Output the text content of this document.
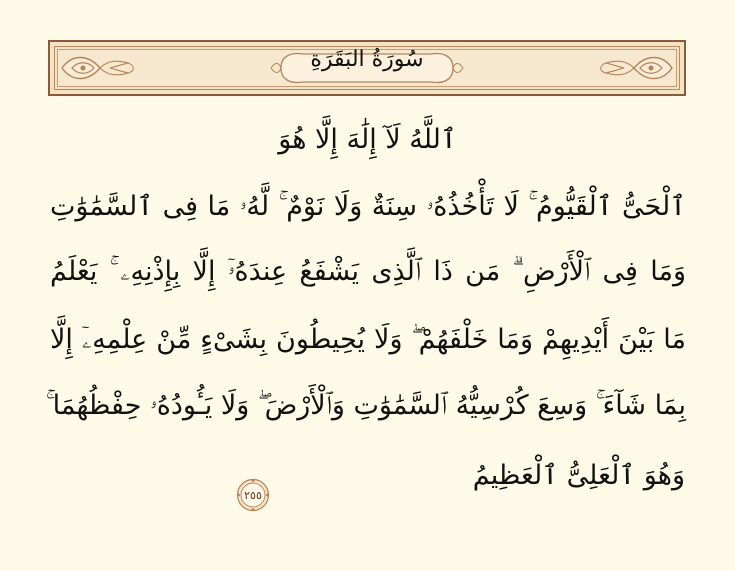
سُورَةُ البَقَرَةِ
ٱللَّهُ لَآ إِلَٰهَ إِلَّا هُوَ
ٱلْحَىُّ ٱلْقَيُّومُ ۚ لَا تَأْخُذُهُۥ سِنَةٌ وَلَا نَوْمٌ ۚ لَّهُۥ مَا فِى ٱلسَّمَٰوَٰتِ
وَمَا فِى ٱلْأَرْضِ ۗ مَن ذَا ٱلَّذِى يَشْفَعُ عِندَهُۥٓ إِلَّا بِإِذْنِهِۦ ۚ يَعْلَمُ
مَا بَيْنَ أَيْدِيهِمْ وَمَا خَلْفَهُمْ ۖ وَلَا يُحِيطُونَ بِشَىْءٍ مِّنْ عِلْمِهِۦٓ إِلَّا
بِمَا شَآءَ ۚ وَسِعَ كُرْسِيُّهُ ٱلسَّمَٰوَٰتِ وَٱلْأَرْضَ ۖ وَلَا يَـُٔودُهُۥ حِفْظُهُمَا ۚ
وَهُوَ ٱلْعَلِىُّ ٱلْعَظِيمُ
٢٥٥
